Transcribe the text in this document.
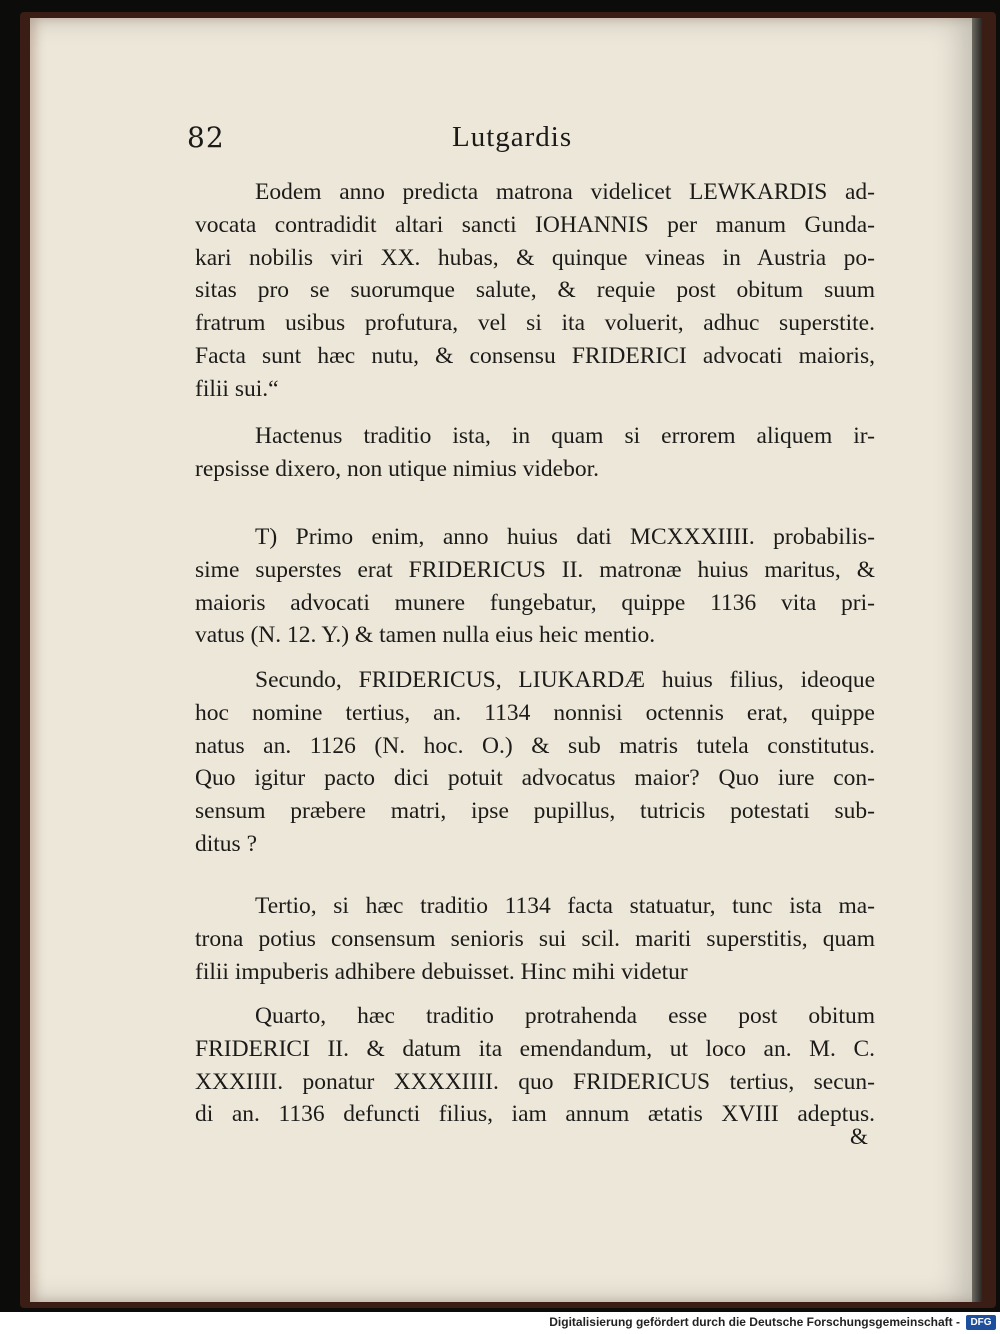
82	Lutgardis
Eodem anno predicta matrona videlicet LEWKARDIS ad-
vocata contradidit altari sancti IOHANNIS per manum Gunda-
kari nobilis viri XX. hubas, & quinque vineas in Austria po-
sitas pro se suorumque salute, & requie post obitum suum
fratrum usibus profutura, vel si ita voluerit, adhuc superstite.
Facta sunt hæc nutu, & consensu FRIDERICI advocati maioris,
filii sui.“
Hactenus traditio ista, in quam si errorem aliquem ir-
repsisse dixero, non utique nimius videbor.
T) Primo enim, anno huius dati MCXXXIIII. probabilis-
sime superstes erat FRIDERICUS II. matronæ huius maritus, &
maioris advocati munere fungebatur, quippe 1136 vita pri-
vatus (N. 12. Y.) & tamen nulla eius heic mentio.
Secundo, FRIDERICUS, LIUKARDÆ huius filius, ideoque
hoc nomine tertius, an. 1134 nonnisi octennis erat, quippe
natus an. 1126 (N. hoc. O.) & sub matris tutela constitutus.
Quo igitur pacto dici potuit advocatus maior? Quo iure con-
sensum præbere matri, ipse pupillus, tutricis potestati sub-
ditus ?
Tertio, si hæc traditio 1134 facta statuatur, tunc ista ma-
trona potius consensum senioris sui scil. mariti superstitis, quam
filii impuberis adhibere debuisset. Hinc mihi videtur
Quarto, hæc traditio protrahenda esse post obitum
FRIDERICI II. & datum ita emendandum, ut loco an. M. C.
XXXIIII. ponatur XXXXIIII. quo FRIDERICUS tertius, secun-
di an. 1136 defuncti filius, iam annum ætatis XVIII adeptus.
&
Digitalisierung gefördert durch die Deutsche Forschungsgemeinschaft -	DFG
